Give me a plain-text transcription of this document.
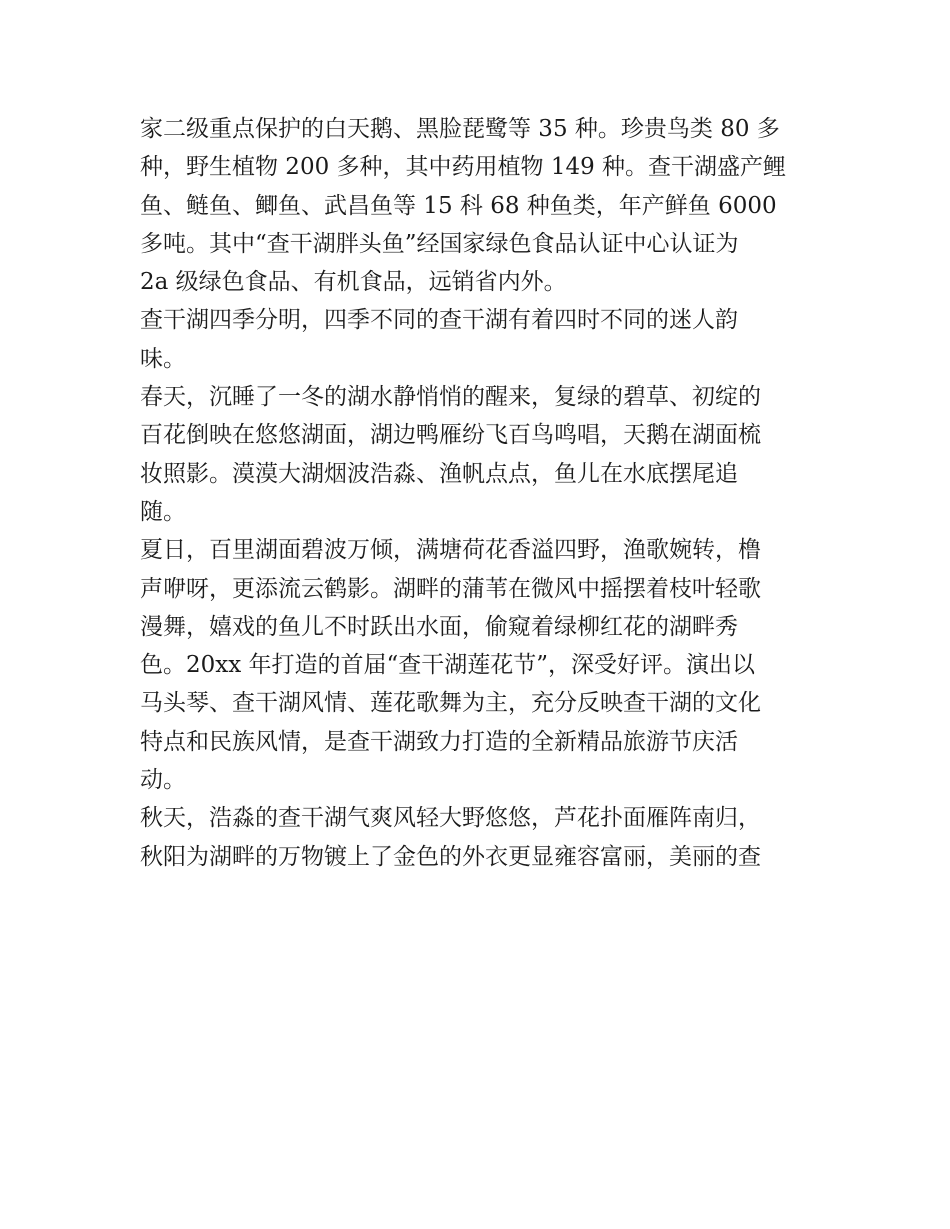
家二级重点保护的白天鹅、黑脸琵鹭等 35 种。珍贵鸟类 80 多
种，野生植物 200 多种，其中药用植物 149 种。查干湖盛产鲤
鱼、鲢鱼、鲫鱼、武昌鱼等 15 科 68 种鱼类，年产鲜鱼 6000
多吨。其中“查干湖胖头鱼”经国家绿色食品认证中心认证为
2a 级绿色食品、有机食品，远销省内外。
查干湖四季分明，四季不同的查干湖有着四时不同的迷人韵
味。
春天，沉睡了一冬的湖水静悄悄的醒来，复绿的碧草、初绽的
百花倒映在悠悠湖面，湖边鸭雁纷飞百鸟鸣唱，天鹅在湖面梳
妆照影。漠漠大湖烟波浩淼、渔帆点点，鱼儿在水底摆尾追
随。
夏日，百里湖面碧波万倾，满塘荷花香溢四野，渔歌婉转，橹
声咿呀，更添流云鹤影。湖畔的蒲苇在微风中摇摆着枝叶轻歌
漫舞，嬉戏的鱼儿不时跃出水面，偷窥着绿柳红花的湖畔秀
色。20xx 年打造的首届“查干湖莲花节”，深受好评。演出以
马头琴、查干湖风情、莲花歌舞为主，充分反映查干湖的文化
特点和民族风情，是查干湖致力打造的全新精品旅游节庆活
动。
秋天，浩淼的查干湖气爽风轻大野悠悠，芦花扑面雁阵南归，
秋阳为湖畔的万物镀上了金色的外衣更显雍容富丽，美丽的查
